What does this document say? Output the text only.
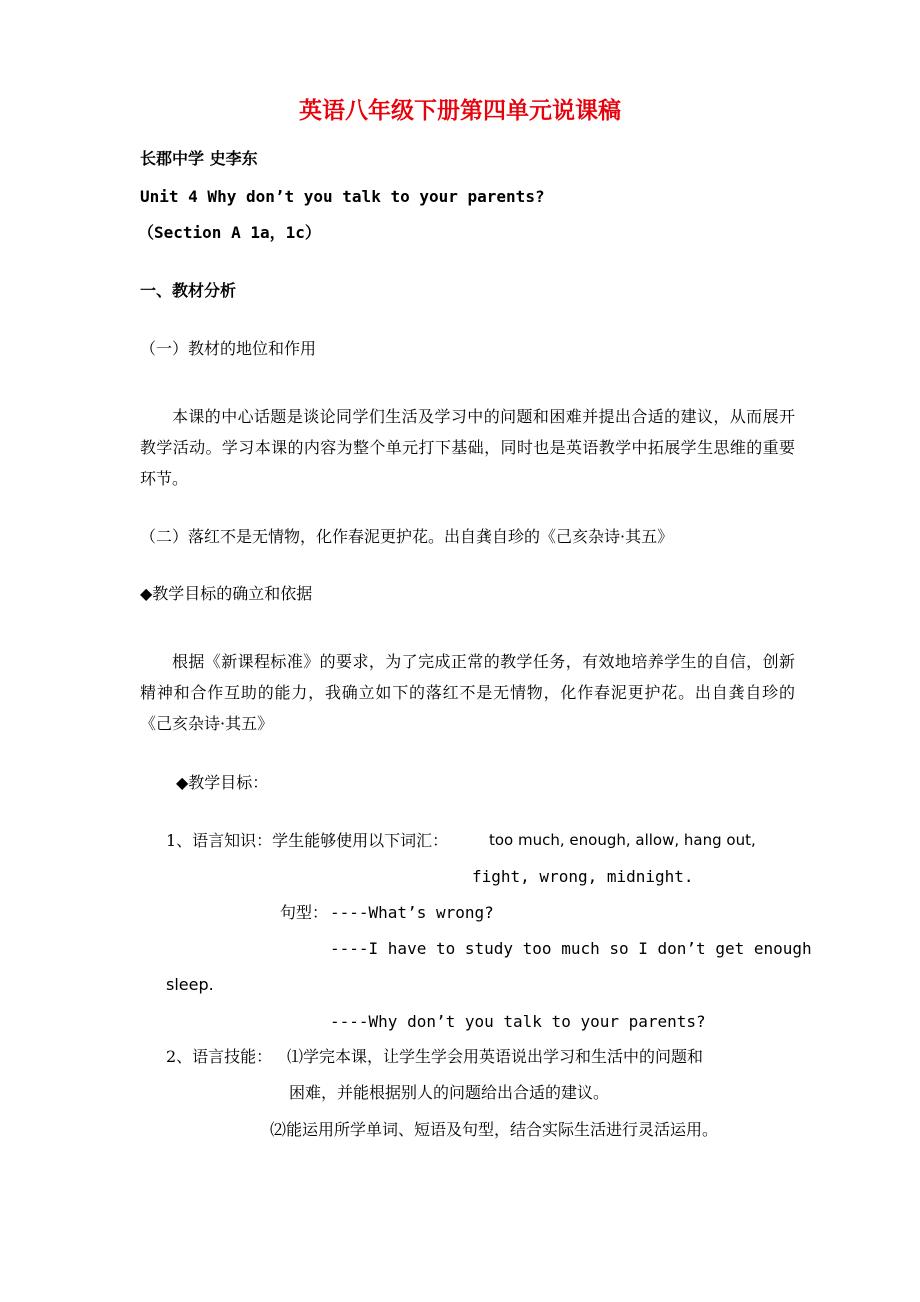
英语八年级下册第四单元说课稿
长郡中学 史李东
Unit 4 Why don’t you talk to your parents?
（Section A 1a，1c）
一、教材分析
（一）教材的地位和作用
本课的中心话题是谈论同学们生活及学习中的问题和困难并提出合适的建议，从而展开教学活动。学习本课的内容为整个单元打下基础，同时也是英语教学中拓展学生思维的重要环节。
（二）落红不是无情物，化作春泥更护花。出自龚自珍的《己亥杂诗·其五》
◆教学目标的确立和依据
根据《新课程标准》的要求，为了完成正常的教学任务，有效地培养学生的自信，创新精神和合作互助的能力，我确立如下的落红不是无情物，化作春泥更护花。出自龚自珍的《己亥杂诗·其五》
◆教学目标：
1、语言知识：学生能够使用以下词汇：	too much, enough, allow, hang out,
fight, wrong, midnight.
句型： ----What’s wrong?
----I have to study too much so I don’t get enough
sleep.
----Why don’t you talk to your parents?
2、语言技能： ⑴学完本课，让学生学会用英语说出学习和生活中的问题和
困难，并能根据别人的问题给出合适的建议。
⑵能运用所学单词、短语及句型，结合实际生活进行灵活运用。
